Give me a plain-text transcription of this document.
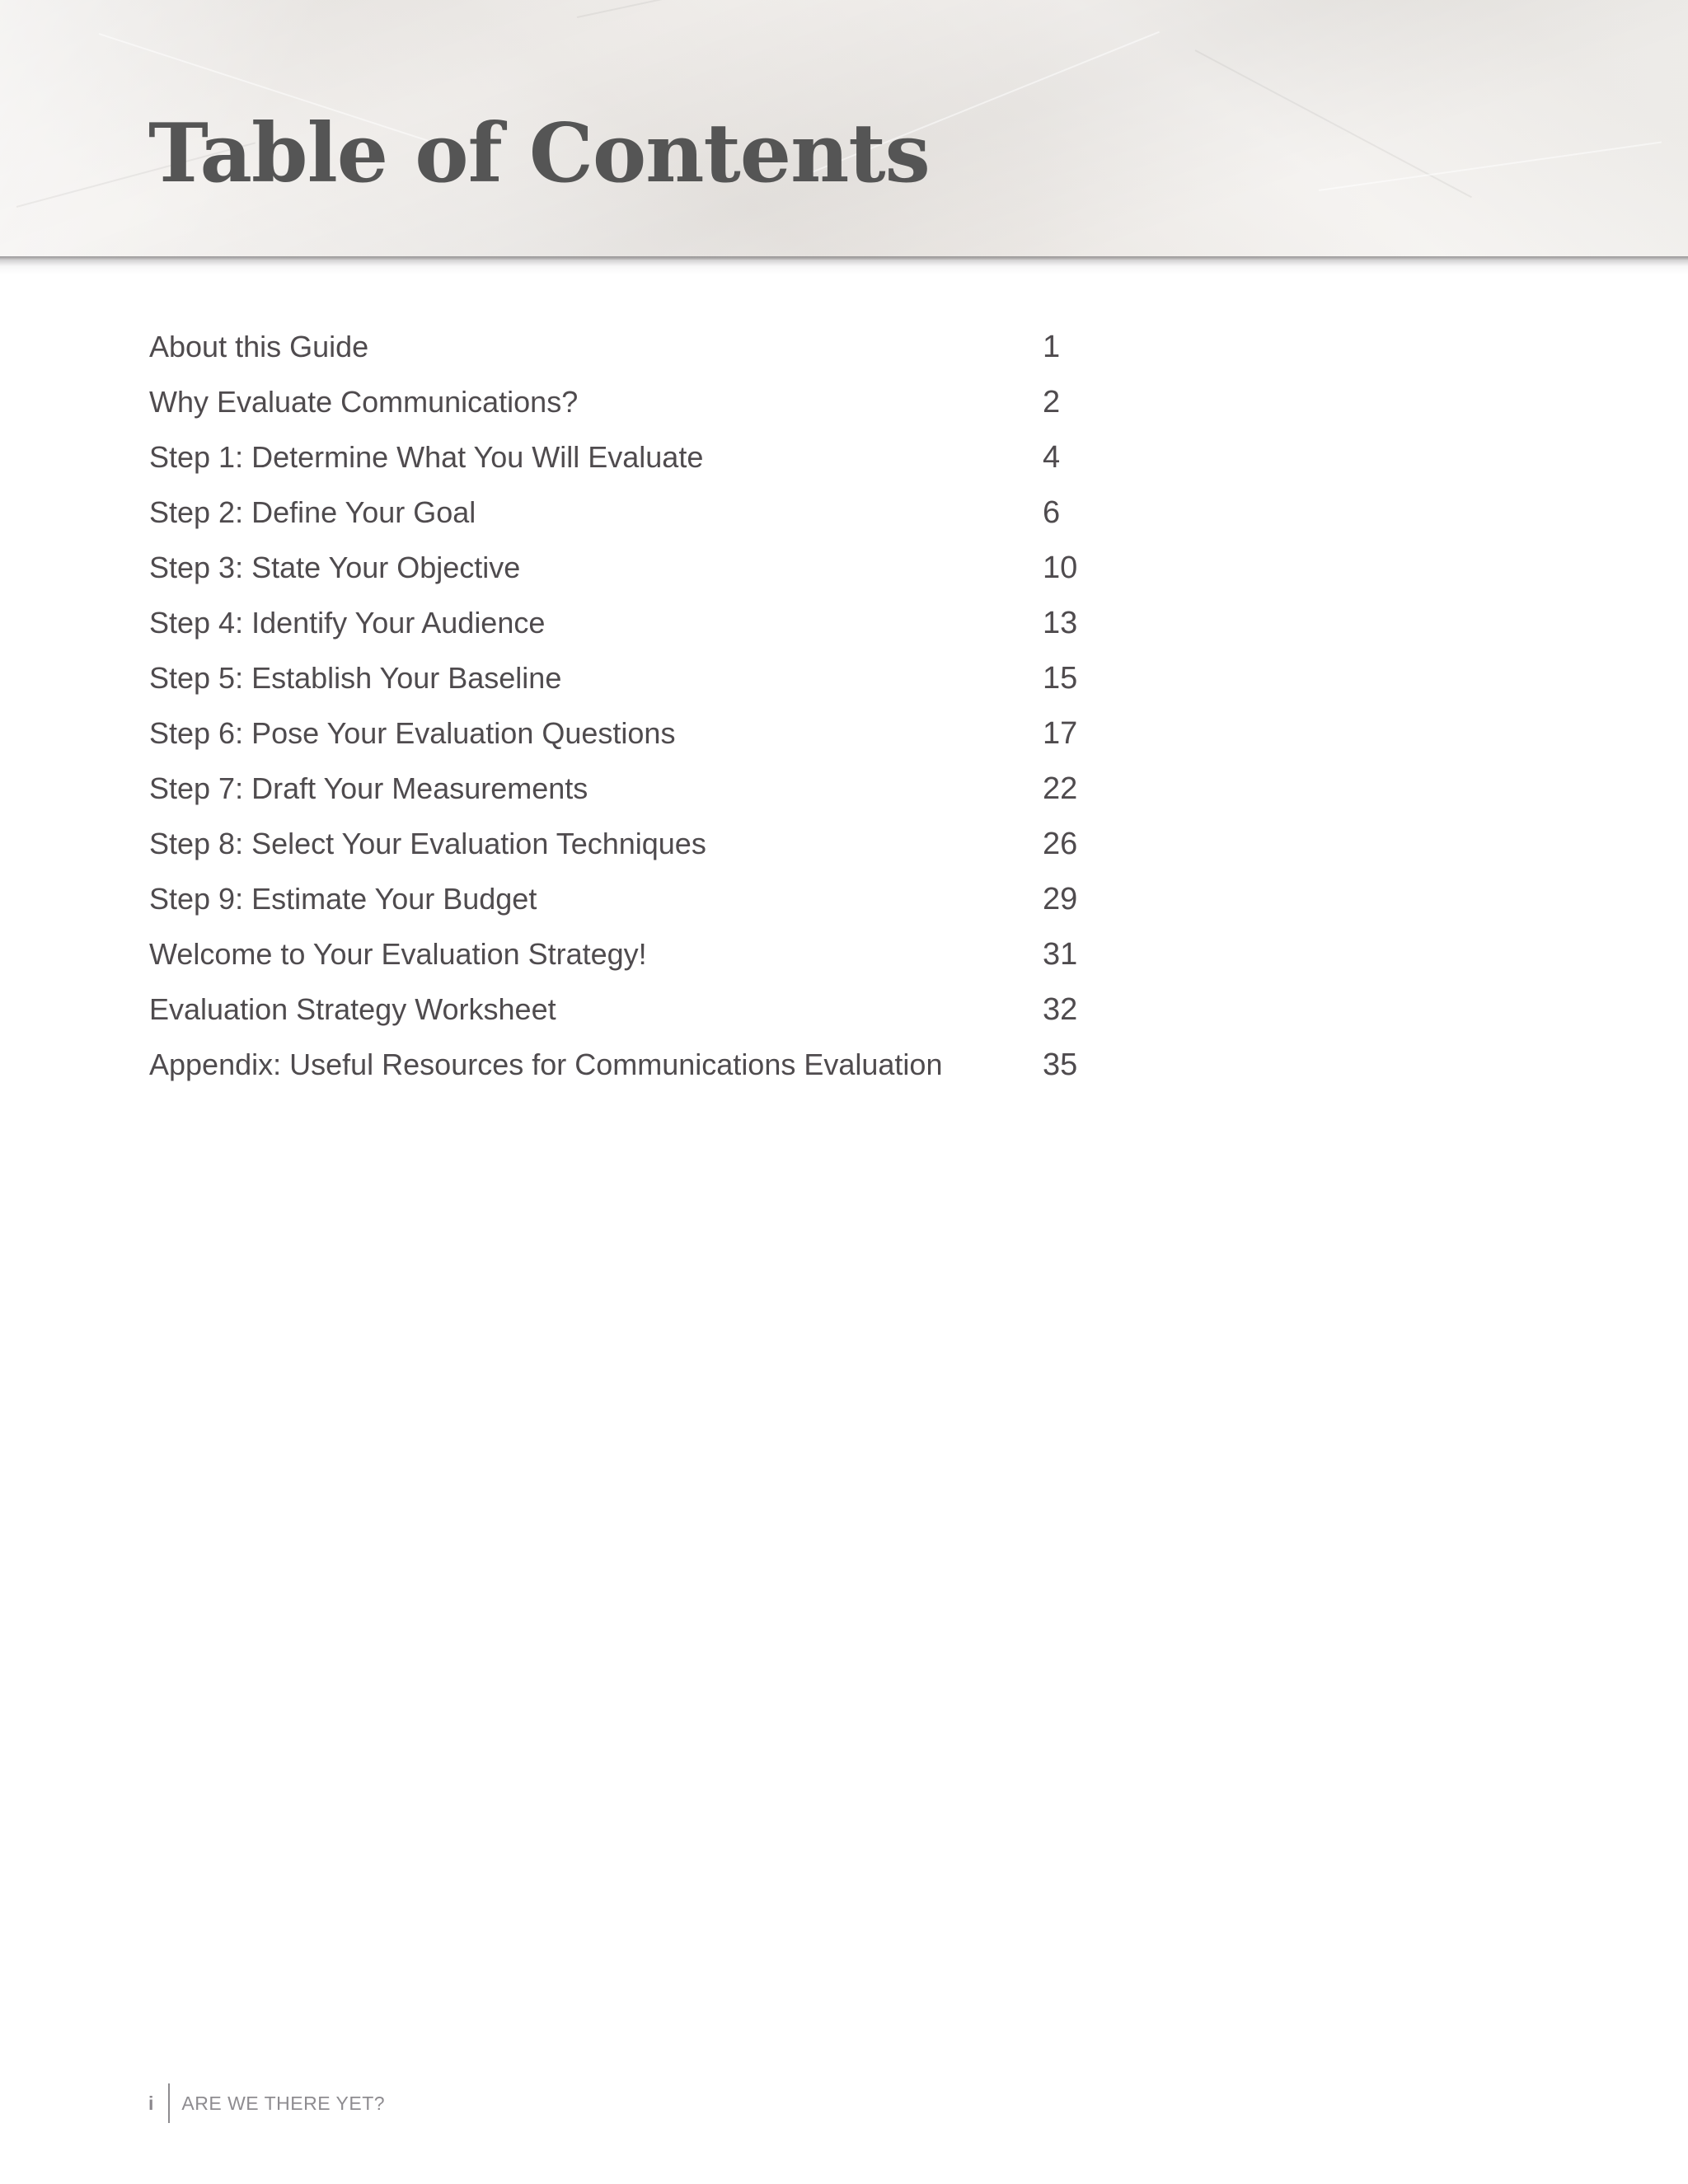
Table of Contents
About this Guide	1
Why Evaluate Communications?	2
Step 1: Determine What You Will Evaluate	4
Step 2: Define Your Goal	6
Step 3: State Your Objective	10
Step 4: Identify Your Audience	13
Step 5: Establish Your Baseline	15
Step 6: Pose Your Evaluation Questions	17
Step 7: Draft Your Measurements	22
Step 8: Select Your Evaluation Techniques	26
Step 9: Estimate Your Budget	29
Welcome to Your Evaluation Strategy!	31
Evaluation Strategy Worksheet	32
Appendix: Useful Resources for Communications Evaluation	35
i ARE WE THERE YET?
